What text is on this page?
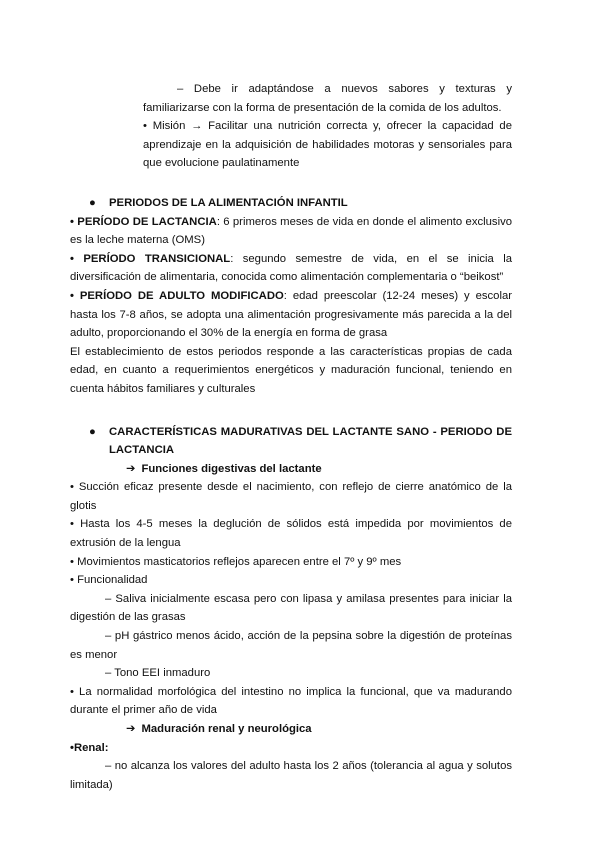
– Debe ir adaptándose a nuevos sabores y texturas y familiarizarse con la forma de presentación de la comida de los adultos.

• Misión → Facilitar una nutrición correcta y, ofrecer la capacidad de aprendizaje en la adquisición de habilidades motoras y sensoriales para que evolucione paulatinamente

●	PERIODOS DE LA ALIMENTACIÓN INFANTIL

• PERÍODO DE LACTANCIA: 6 primeros meses de vida en donde el alimento exclusivo es la leche materna (OMS)

• PERÍODO TRANSICIONAL: segundo semestre de vida, en el se inicia la diversificación de alimentaria, conocida como alimentación complementaria o “beikost”

• PERÍODO DE ADULTO MODIFICADO: edad preescolar (12-24 meses) y escolar hasta los 7-8 años, se adopta una alimentación progresivamente más parecida a la del adulto, proporcionando el 30% de la energía en forma de grasa

El establecimiento de estos periodos responde a las características propias de cada edad, en cuanto a requerimientos energéticos y maduración funcional, teniendo en cuenta hábitos familiares y culturales

●	CARACTERÍSTICAS MADURATIVAS DEL LACTANTE SANO - PERIODO DE LACTANCIA
➔ Funciones digestivas del lactante

• Succión eficaz presente desde el nacimiento, con reflejo de cierre anatómico de la glotis

• Hasta los 4-5 meses la deglución de sólidos está impedida por movimientos de extrusión de la lengua

• Movimientos masticatorios reflejos aparecen entre el 7º y 9º mes

• Funcionalidad

– Saliva inicialmente escasa pero con lipasa y amilasa presentes para iniciar la digestión de las grasas

– pH gástrico menos ácido, acción de la pepsina sobre la digestión de proteínas es menor

– Tono EEI inmaduro

• La normalidad morfológica del intestino no implica la funcional, que va madurando durante el primer año de vida

➔ Maduración renal y neurológica

•Renal:

– no alcanza los valores del adulto hasta los 2 años (tolerancia al agua y solutos limitada)
